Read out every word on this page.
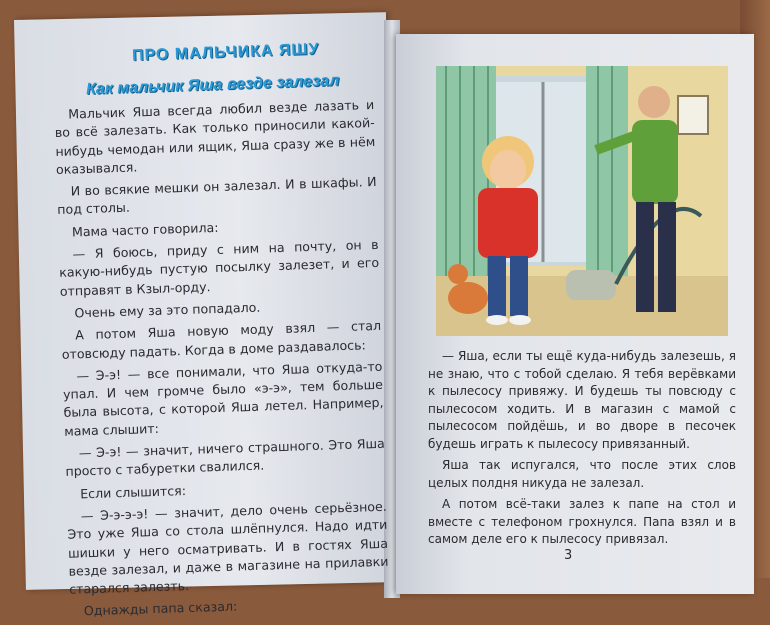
ПРО МАЛЬЧИКА ЯШУ
Как мальчик Яша везде залезал

Мальчик Яша всегда любил везде лазать и во всё залезать. Как только приносили какой-нибудь чемодан или ящик, Яша сразу же в нём оказывался.

И во всякие мешки он залезал. И в шкафы. И под столы.

Мама часто говорила:

— Я боюсь, приду с ним на почту, он в какую-нибудь пустую посылку залезет, и его отправят в Кзыл-орду.

Очень ему за это попадало.

А потом Яша новую моду взял — стал отовсюду падать. Когда в доме раздавалось:

— Э-э! — все понимали, что Яша откуда-то упал. И чем громче было «э-э», тем больше была высота, с которой Яша летел. Например, мама слышит:

— Э-э! — значит, ничего страшного. Это Яша просто с табуретки свалился.

Если слышится:

— Э-э-э-э! — значит, дело очень серьёзное. Это уже Яша со стола шлёпнулся. Надо идти шишки у него осматривать. И в гостях Яша везде залезал, и даже в магазине на прилавки старался залезть.

Однажды папа сказал:

— Яша, если ты ещё куда-нибудь залезешь, я не знаю, что с тобой сделаю. Я тебя верёвками к пылесосу привяжу. И будешь ты повсюду с пылесосом ходить. И в магазин с мамой с пылесосом пойдёшь, и во дворе в песочек будешь играть к пылесосу привязанный.

Яша так испугался, что после этих слов целых полдня никуда не залезал.

А потом всё-таки залез к папе на стол и вместе с телефоном грохнулся. Папа взял и в самом деле его к пылесосу привязал.

3
